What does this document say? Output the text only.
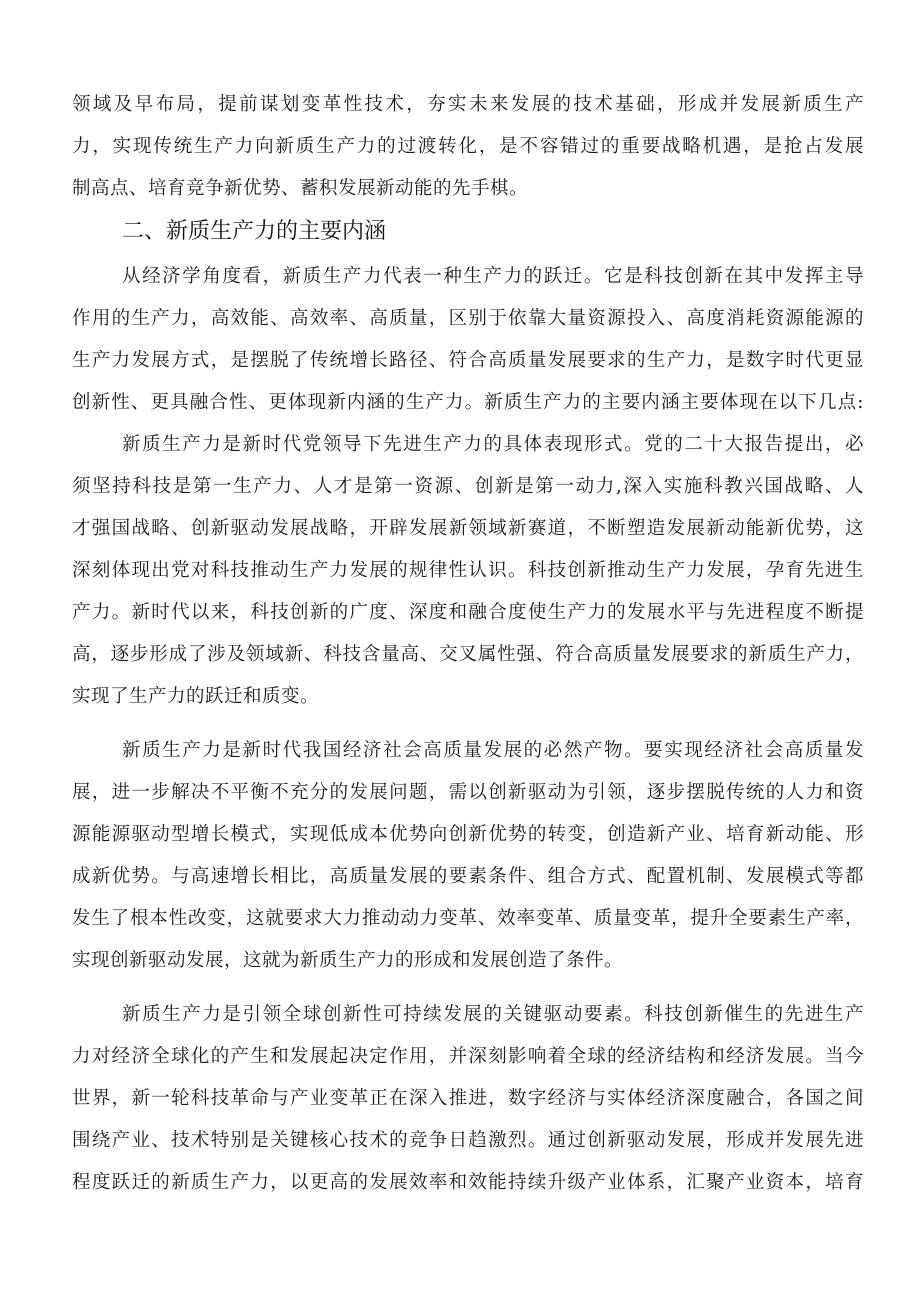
领域及早布局，提前谋划变革性技术，夯实未来发展的技术基础，形成并发展新质生产
力，实现传统生产力向新质生产力的过渡转化，是不容错过的重要战略机遇，是抢占发展
制高点、培育竞争新优势、蓄积发展新动能的先手棋。
二、新质生产力的主要内涵
从经济学角度看，新质生产力代表一种生产力的跃迁。它是科技创新在其中发挥主导
作用的生产力，高效能、高效率、高质量，区别于依靠大量资源投入、高度消耗资源能源的
生产力发展方式，是摆脱了传统增长路径、符合高质量发展要求的生产力，是数字时代更显
创新性、更具融合性、更体现新内涵的生产力。新质生产力的主要内涵主要体现在以下几点:
新质生产力是新时代党领导下先进生产力的具体表现形式。党的二十大报告提出，必
须坚持科技是第一生产力、人才是第一资源、创新是第一动力,深入实施科教兴国战略、人
才强国战略、创新驱动发展战略，开辟发展新领域新赛道，不断塑造发展新动能新优势，这
深刻体现出党对科技推动生产力发展的规律性认识。科技创新推动生产力发展，孕育先进生
产力。新时代以来，科技创新的广度、深度和融合度使生产力的发展水平与先进程度不断提
高，逐步形成了涉及领域新、科技含量高、交叉属性强、符合高质量发展要求的新质生产力，
实现了生产力的跃迁和质变。
新质生产力是新时代我国经济社会高质量发展的必然产物。要实现经济社会高质量发
展，进一步解决不平衡不充分的发展问题，需以创新驱动为引领，逐步摆脱传统的人力和资
源能源驱动型增长模式，实现低成本优势向创新优势的转变，创造新产业、培育新动能、形
成新优势。与高速增长相比，高质量发展的要素条件、组合方式、配置机制、发展模式等都
发生了根本性改变，这就要求大力推动动力变革、效率变革、质量变革，提升全要素生产率，
实现创新驱动发展，这就为新质生产力的形成和发展创造了条件。
新质生产力是引领全球创新性可持续发展的关键驱动要素。科技创新催生的先进生产
力对经济全球化的产生和发展起决定作用，并深刻影响着全球的经济结构和经济发展。当今
世界，新一轮科技革命与产业变革正在深入推进，数字经济与实体经济深度融合，各国之间
围绕产业、技术特别是关键核心技术的竞争日趋激烈。通过创新驱动发展，形成并发展先进
程度跃迁的新质生产力，以更高的发展效率和效能持续升级产业体系，汇聚产业资本，培育
